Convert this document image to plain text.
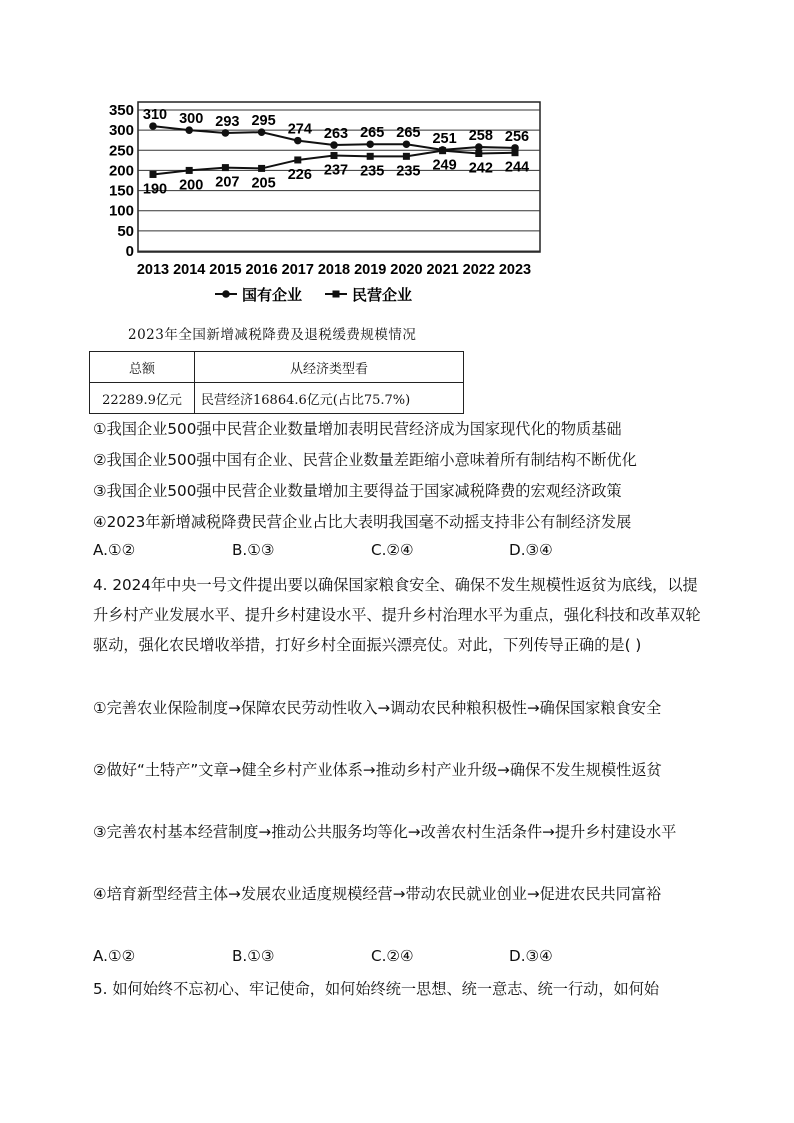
350
300
250
200
150
100
50
0
2013 2014 2015 2016 2017 2018 2019 2020 2021 2022 2023
310 300 293 295
274 263 265 265 251 258 256
190 200 207 205
226 237 235 235 249 242 244
国有企业	民营企业
2023年全国新增减税降费及退税缓费规模情况
总额	从经济类型看
22289.9亿元	民营经济16864.6亿元(占比75.7%)
①我国企业500强中民营企业数量增加表明民营经济成为国家现代化的物质基础
②我国企业500强中国有企业、民营企业数量差距缩小意味着所有制结构不断优化
③我国企业500强中民营企业数量增加主要得益于国家减税降费的宏观经济政策
④2023年新增减税降费民营企业占比大表明我国毫不动摇支持非公有制经济发展
A.①②	B.①③	C.②④	D.③④
4. 2024年中央一号文件提出要以确保国家粮食安全、确保不发生规模性返贫为底线，以提升乡村产业发展水平、提升乡村建设水平、提升乡村治理水平为重点，强化科技和改革双轮驱动，强化农民增收举措，打好乡村全面振兴漂亮仗。对此，下列传导正确的是( )
①完善农业保险制度→保障农民劳动性收入→调动农民种粮积极性→确保国家粮食安全
②做好“土特产”文章→健全乡村产业体系→推动乡村产业升级→确保不发生规模性返贫
③完善农村基本经营制度→推动公共服务均等化→改善农村生活条件→提升乡村建设水平
④培育新型经营主体→发展农业适度规模经营→带动农民就业创业→促进农民共同富裕
A.①②	B.①③	C.②④	D.③④
5. 如何始终不忘初心、牢记使命，如何始终统一思想、统一意志、统一行动，如何始
